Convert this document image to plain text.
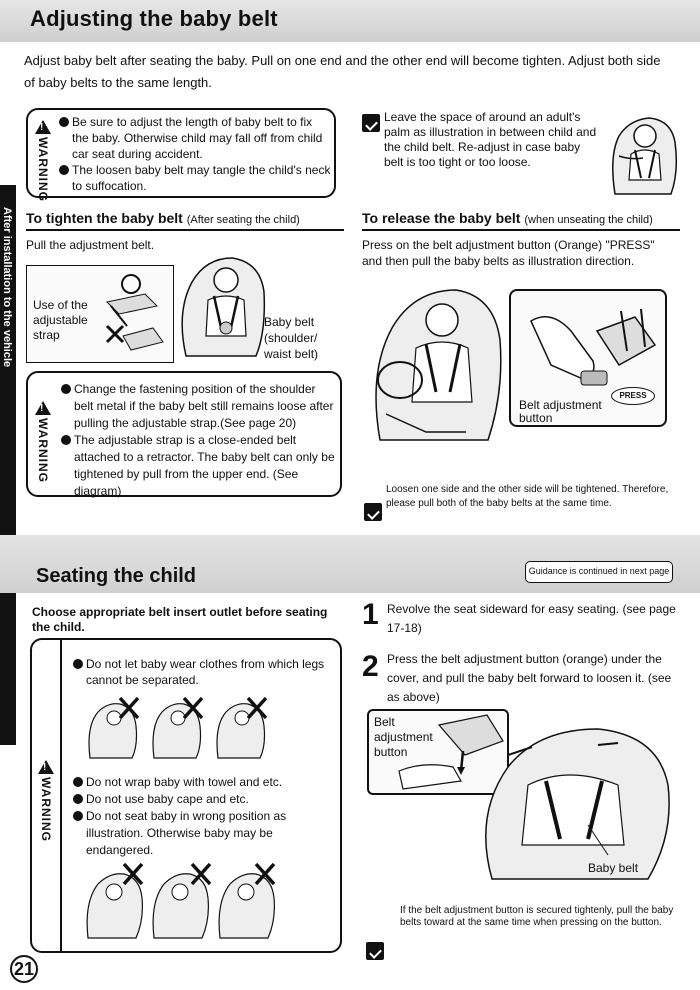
Adjusting the baby belt
Adjust baby belt after seating the baby. Pull on one end and the other end will become tighten. Adjust both side of baby belts to the same length.
!
WARNING
Be sure to adjust the length of baby belt to fix the baby. Otherwise child may fall off from child car seat during accident.
The loosen baby belt may tangle the child's neck to suffocation.
Leave the space of around an adult's palm as illustration in between child and the child belt. Re-adjust in case baby belt is too tight or too loose.
After installation to the vehicle To tighten the baby belt (After seating the child)
Pull the adjustment belt.
Use of the adjustable strap
Baby belt (shoulder/ waist belt)
!
WARNING
Change the fastening position of the shoulder belt metal if the baby belt still remains loose after pulling the adjustable strap.(See page 20)
The adjustable strap is a close-ended belt attached to a retractor. The baby belt can only be tightened by pull from the upper end. (See diagram)
To release the baby belt (when unseating the child)
Press on the belt adjustment button (Orange) "PRESS" and then pull the baby belts as illustration direction.
PRESS
Belt adjustment button
Loosen one side and the other side will be tightened. Therefore, please pull both of the baby belts at the same time.
Seating the child	Guidance is continued in next page
Choose appropriate belt insert outlet before seating the child.
!
WARNING
Do not let baby wear clothes from which legs cannot be separated.
Do not wrap baby with towel and etc.
Do not use baby cape and etc.
Do not seat baby in wrong position as illustration. Otherwise baby may be endangered.
1 Revolve the seat sideward for easy seating. (see page 17-18)
2 Press the belt adjustment button (orange) under the cover, and pull the baby belt forward to loosen it. (see as above)
Belt adjustment button
Baby belt
If the belt adjustment button is secured tightenly, pull the baby belts toward at the same time when pressing on the button.
21
